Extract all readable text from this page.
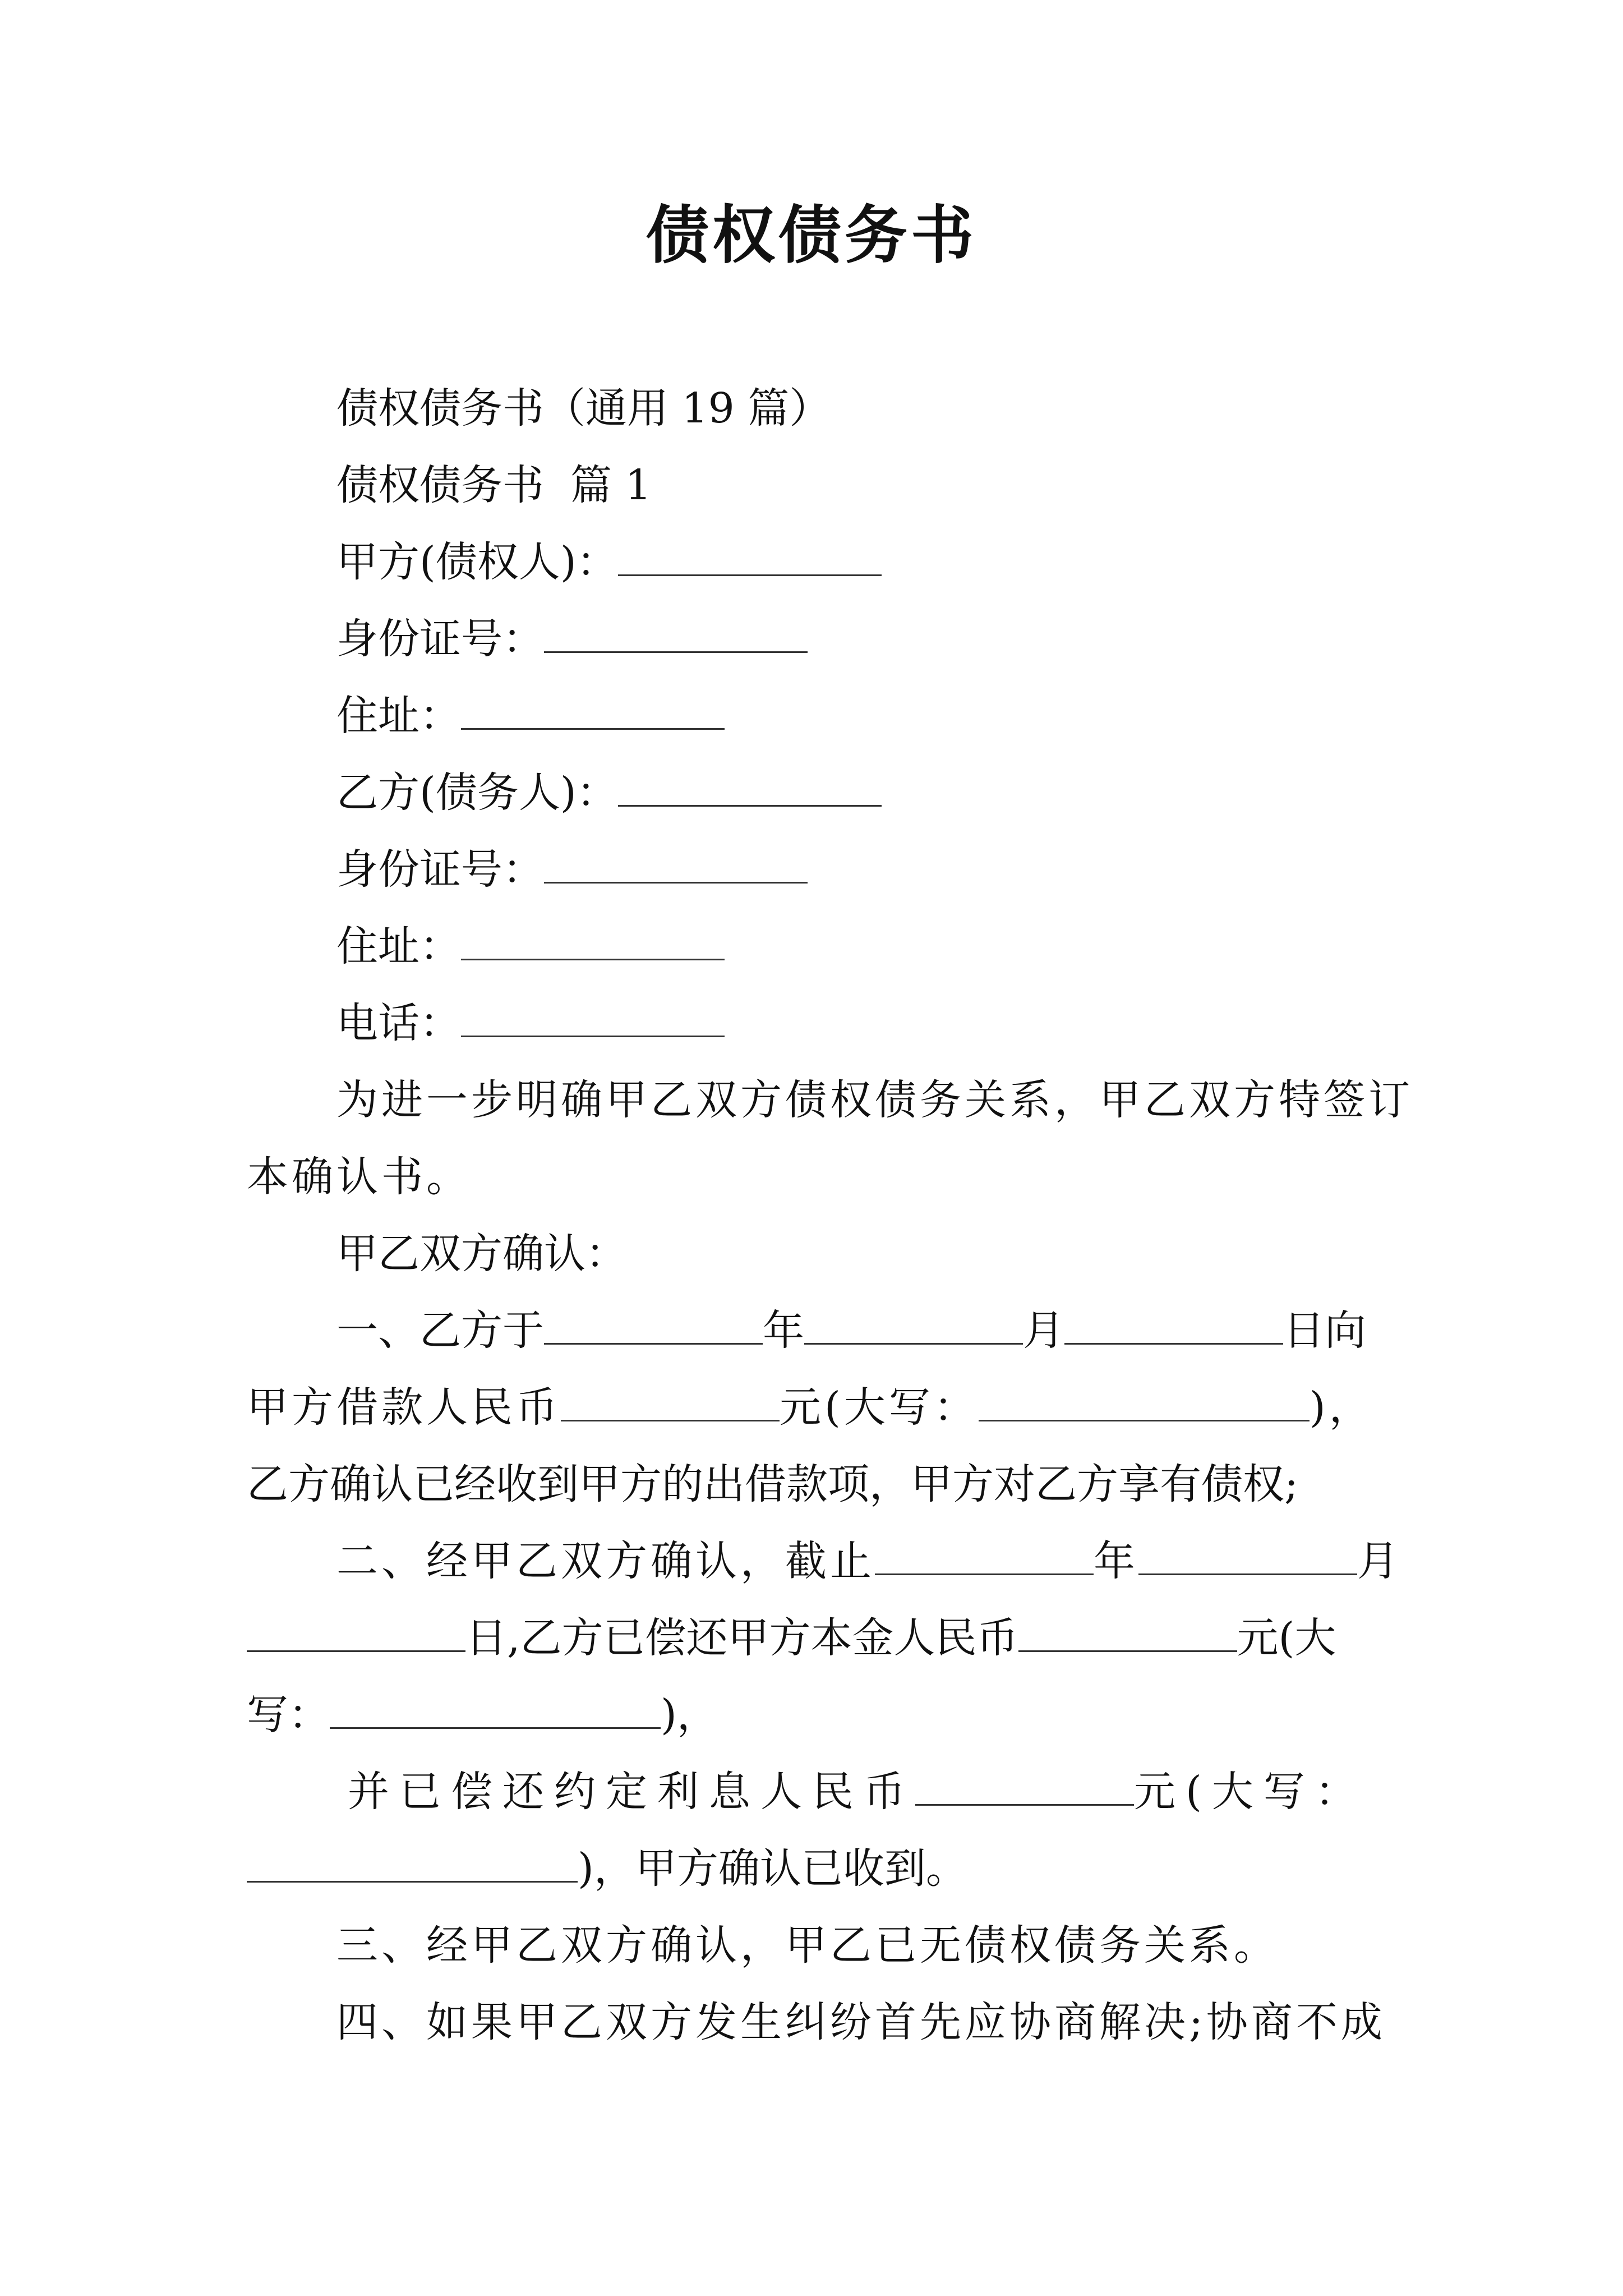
债权债务书
债权债务书（通用 19 篇）
债权债务书  篇 1
甲方(债权人)：
身份证号：
住址：
乙方(债务人)：
身份证号：
住址：
电话：
为进一步明确甲乙双方债权债务关系，甲乙双方特签订
本确认书。
甲乙双方确认：
一、乙方于	年	月	日向
甲方借款人民币	元(大写：	)，
乙方确认已经收到甲方的出借款项，甲方对乙方享有债权;
二、经甲乙双方确认，截止	年	月
日,乙方已偿还甲方本金人民币	元(大
写：	)，
并已偿还约定利息人民币	元(大写：
)，甲方确认已收到。
三、经甲乙双方确认，甲乙已无债权债务关系。
四、如果甲乙双方发生纠纷首先应协商解决;协商不成
